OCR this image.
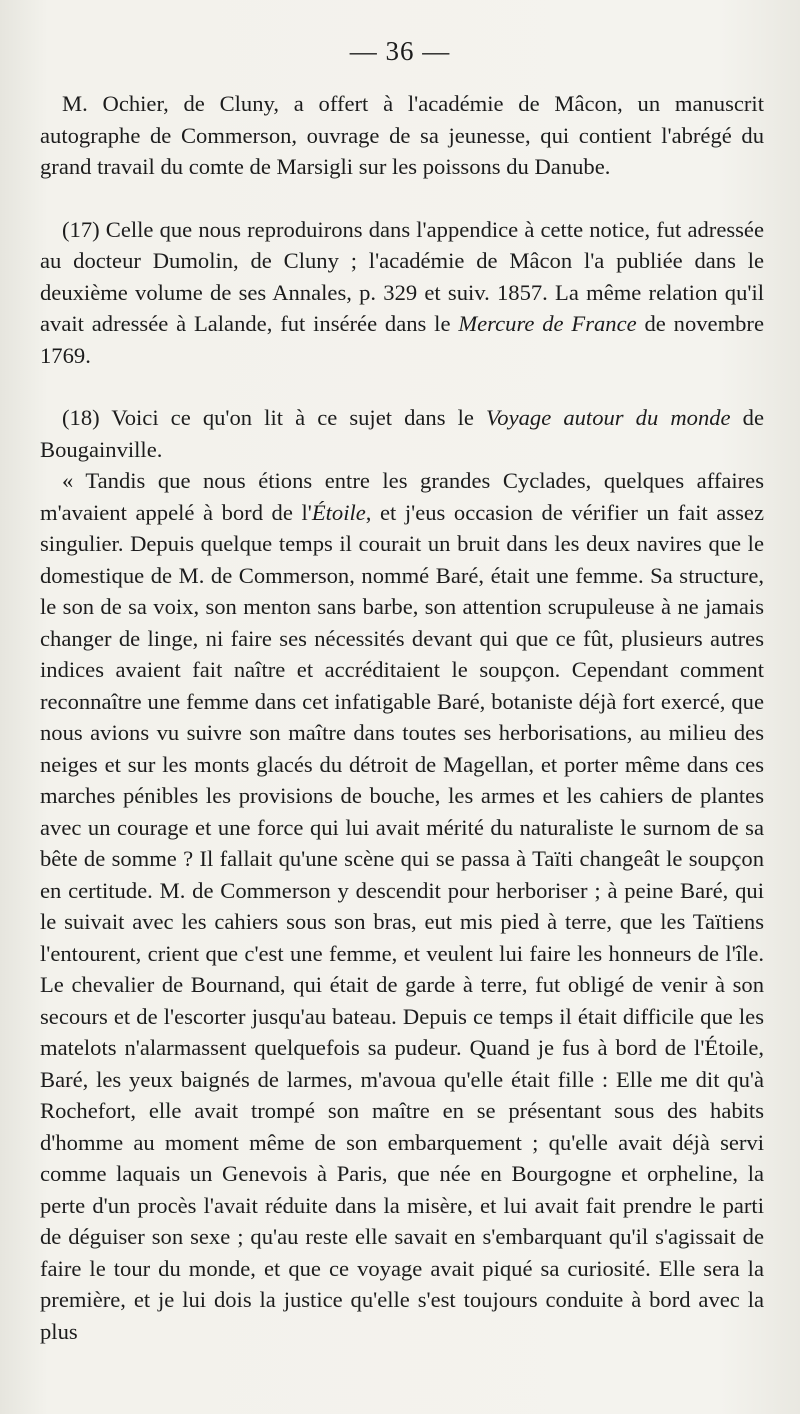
— 36 —

M. Ochier, de Cluny, a offert à l'académie de Mâcon, un manuscrit autographe de Commerson, ouvrage de sa jeunesse, qui contient l'abrégé du grand travail du comte de Marsigli sur les poissons du Danube.

(17) Celle que nous reproduirons dans l'appendice à cette notice, fut adressée au docteur Dumolin, de Cluny ; l'académie de Mâcon l'a publiée dans le deuxième volume de ses Annales, p. 329 et suiv. 1857. La même relation qu'il avait adressée à Lalande, fut insérée dans le Mercure de France de novembre 1769.

(18) Voici ce qu'on lit à ce sujet dans le Voyage autour du monde de Bougainville.

« Tandis que nous étions entre les grandes Cyclades, quelques affaires m'avaient appelé à bord de l'Étoile, et j'eus occasion de vérifier un fait assez singulier. Depuis quelque temps il courait un bruit dans les deux navires que le domestique de M. de Commerson, nommé Baré, était une femme. Sa structure, le son de sa voix, son menton sans barbe, son attention scrupuleuse à ne jamais changer de linge, ni faire ses nécessités devant qui que ce fût, plusieurs autres indices avaient fait naître et accréditaient le soupçon. Cependant comment reconnaître une femme dans cet infatigable Baré, botaniste déjà fort exercé, que nous avions vu suivre son maître dans toutes ses herborisations, au milieu des neiges et sur les monts glacés du détroit de Magellan, et porter même dans ces marches pénibles les provisions de bouche, les armes et les cahiers de plantes avec un courage et une force qui lui avait mérité du naturaliste le surnom de sa bête de somme ? Il fallait qu'une scène qui se passa à Taïti changeât le soupçon en certitude. M. de Commerson y descendit pour herboriser ; à peine Baré, qui le suivait avec les cahiers sous son bras, eut mis pied à terre, que les Taïtiens l'entourent, crient que c'est une femme, et veulent lui faire les honneurs de l'île. Le chevalier de Bournand, qui était de garde à terre, fut obligé de venir à son secours et de l'escorter jusqu'au bateau. Depuis ce temps il était difficile que les matelots n'alarmassent quelquefois sa pudeur. Quand je fus à bord de l'Étoile, Baré, les yeux baignés de larmes, m'avoua qu'elle était fille : Elle me dit qu'à Rochefort, elle avait trompé son maître en se présentant sous des habits d'homme au moment même de son embarquement ; qu'elle avait déjà servi comme laquais un Genevois à Paris, que née en Bourgogne et orpheline, la perte d'un procès l'avait réduite dans la misère, et lui avait fait prendre le parti de déguiser son sexe ; qu'au reste elle savait en s'embarquant qu'il s'agissait de faire le tour du monde, et que ce voyage avait piqué sa curiosité. Elle sera la première, et je lui dois la justice qu'elle s'est toujours conduite à bord avec la plus
